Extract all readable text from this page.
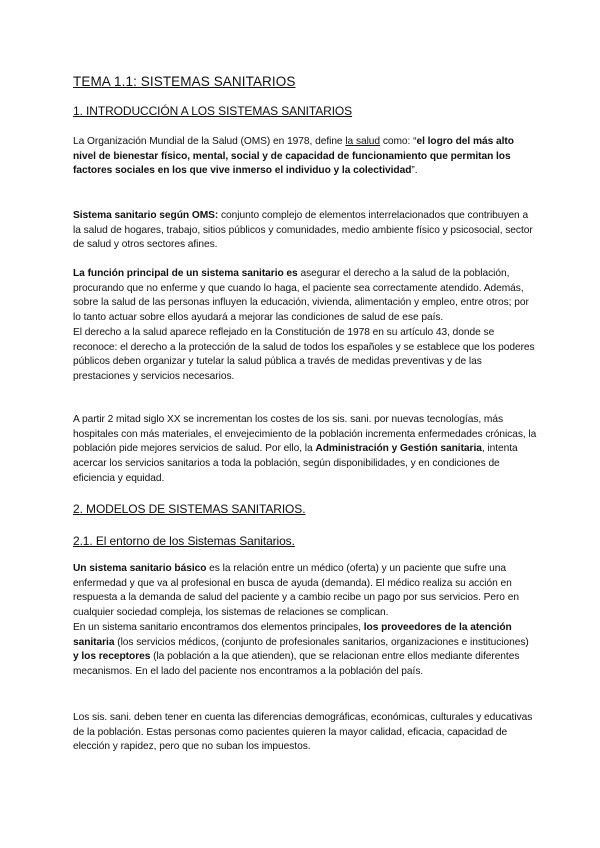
TEMA 1.1: SISTEMAS SANITARIOS
1. INTRODUCCIÓN A LOS SISTEMAS SANITARIOS

La Organización Mundial de la Salud (OMS) en 1978, define la salud como: “el logro del más alto nivel de bienestar físico, mental, social y de capacidad de funcionamiento que permitan los factores sociales en los que vive inmerso el individuo y la colectividad”.

Sistema sanitario según OMS: conjunto complejo de elementos interrelacionados que contribuyen a la salud de hogares, trabajo, sitios públicos y comunidades, medio ambiente físico y psicosocial, sector de salud y otros sectores afines.

La función principal de un sistema sanitario es asegurar el derecho a la salud de la población, procurando que no enferme y que cuando lo haga, el paciente sea correctamente atendido. Además, sobre la salud de las personas influyen la educación, vivienda, alimentación y empleo, entre otros; por lo tanto actuar sobre ellos ayudará a mejorar las condiciones de salud de ese país.
El derecho a la salud aparece reflejado en la Constitución de 1978 en su artículo 43, donde se reconoce: el derecho a la protección de la salud de todos los españoles y se establece que los poderes públicos deben organizar y tutelar la salud pública a través de medidas preventivas y de las prestaciones y servicios necesarios.

A partir 2 mitad siglo XX se incrementan los costes de los sis. sani. por nuevas tecnologías, más hospitales con más materiales, el envejecimiento de la población incrementa enfermedades crónicas, la población pide mejores servicios de salud. Por ello, la Administración y Gestión sanitaria, intenta acercar los servicios sanitarios a toda la población, según disponibilidades, y en condiciones de eficiencia y equidad.

2. MODELOS DE SISTEMAS SANITARIOS.
2.1. El entorno de los Sistemas Sanitarios.

Un sistema sanitario básico es la relación entre un médico (oferta) y un paciente que sufre una enfermedad y que va al profesional en busca de ayuda (demanda). El médico realiza su acción en respuesta a la demanda de salud del paciente y a cambio recibe un pago por sus servicios. Pero en cualquier sociedad compleja, los sistemas de relaciones se complican.
En un sistema sanitario encontramos dos elementos principales, los proveedores de la atención sanitaria (los servicios médicos, (conjunto de profesionales sanitarios, organizaciones e instituciones) y los receptores (la población a la que atienden), que se relacionan entre ellos mediante diferentes mecanismos. En el lado del paciente nos encontramos a la población del país.

Los sis. sani. deben tener en cuenta las diferencias demográficas, económicas, culturales y educativas de la población. Estas personas como pacientes quieren la mayor calidad, eficacia, capacidad de elección y rapidez, pero que no suban los impuestos.
